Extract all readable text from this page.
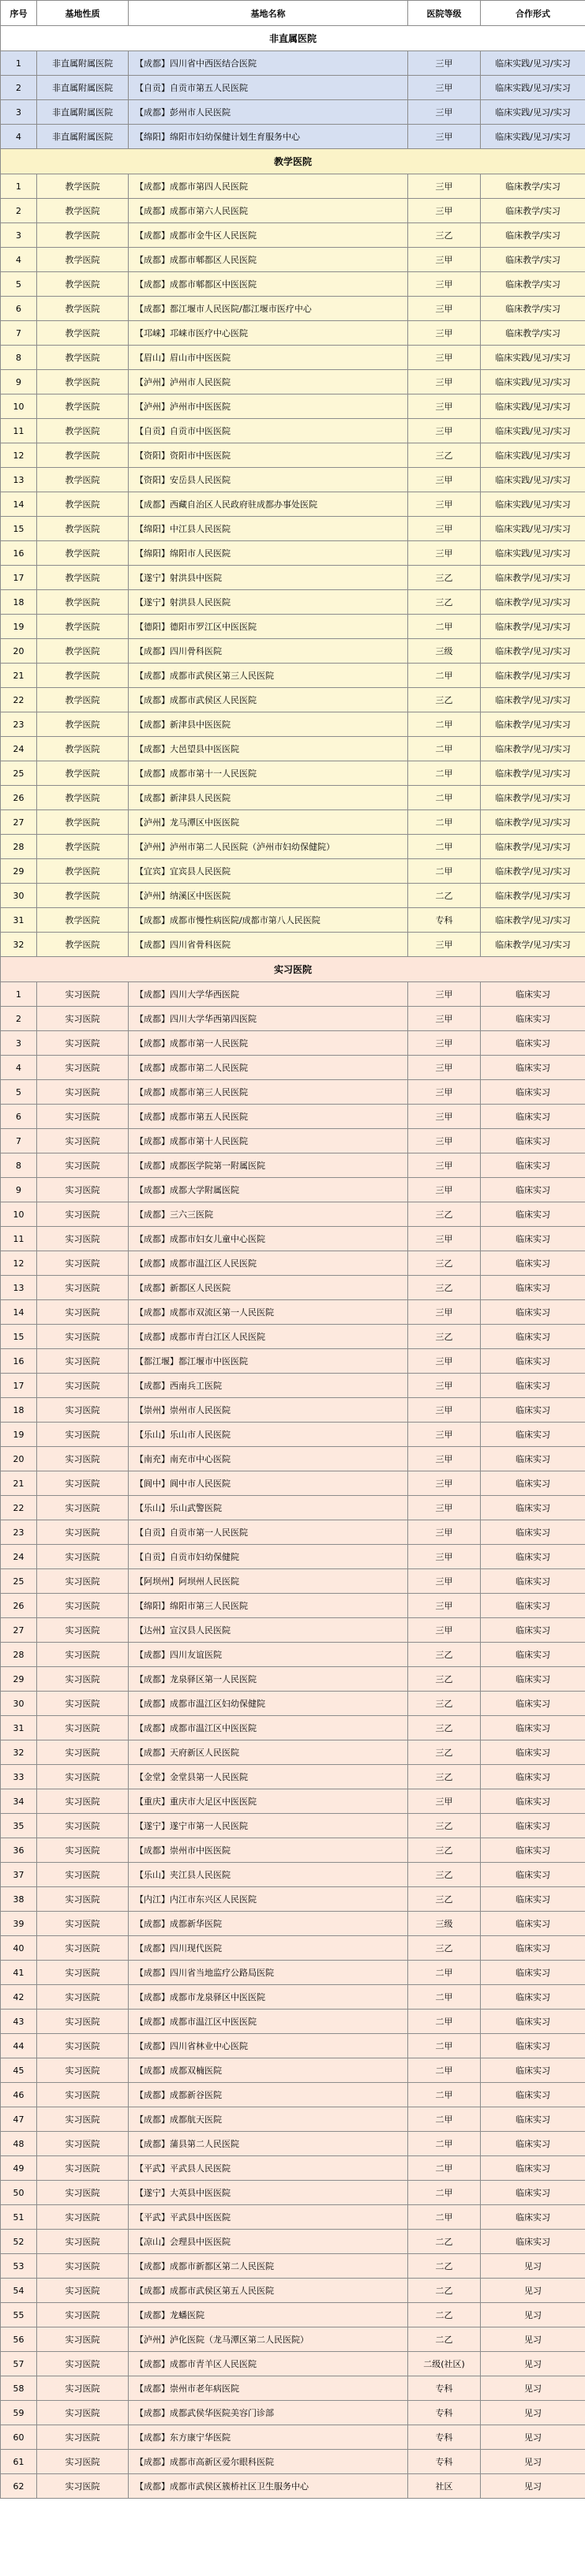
序号	基地性质	基地名称	医院等级	合作形式
非直属医院				
1	非直属附属医院	【成都】四川省中西医结合医院	三甲	临床实践/见习/实习
2	非直属附属医院	【自贡】自贡市第五人民医院	三甲	临床实践/见习/实习
3	非直属附属医院	【成都】彭州市人民医院	三甲	临床实践/见习/实习
4	非直属附属医院	【绵阳】绵阳市妇幼保健计划生育服务中心	三甲	临床实践/见习/实习
教学医院				
1	教学医院	【成都】成都市第四人民医院	三甲	临床教学/实习
2	教学医院	【成都】成都市第六人民医院	三甲	临床教学/实习
3	教学医院	【成都】成都市金牛区人民医院	三乙	临床教学/实习
4	教学医院	【成都】成都市郫都区人民医院	三甲	临床教学/实习
5	教学医院	【成都】成都市郫都区中医医院	三甲	临床教学/实习
6	教学医院	【成都】都江堰市人民医院/都江堰市医疗中心	三甲	临床教学/实习
7	教学医院	【邛崃】邛崃市医疗中心医院	三甲	临床教学/实习
8	教学医院	【眉山】眉山市中医医院	三甲	临床实践/见习/实习
9	教学医院	【泸州】泸州市人民医院	三甲	临床实践/见习/实习
10	教学医院	【泸州】泸州市中医医院	三甲	临床实践/见习/实习
11	教学医院	【自贡】自贡市中医医院	三甲	临床实践/见习/实习
12	教学医院	【资阳】资阳市中医医院	三乙	临床实践/见习/实习
13	教学医院	【资阳】安岳县人民医院	三甲	临床实践/见习/实习
14	教学医院	【成都】西藏自治区人民政府驻成都办事处医院	三甲	临床实践/见习/实习
15	教学医院	【绵阳】中江县人民医院	三甲	临床实践/见习/实习
16	教学医院	【绵阳】绵阳市人民医院	三甲	临床实践/见习/实习
17	教学医院	【遂宁】射洪县中医院	三乙	临床教学/见习/实习
18	教学医院	【遂宁】射洪县人民医院	三乙	临床教学/见习/实习
19	教学医院	【德阳】德阳市罗江区中医医院	二甲	临床教学/见习/实习
20	教学医院	【成都】四川骨科医院	三级	临床教学/见习/实习
21	教学医院	【成都】成都市武侯区第三人民医院	二甲	临床教学/见习/实习
22	教学医院	【成都】成都市武侯区人民医院	三乙	临床教学/见习/实习
23	教学医院	【成都】新津县中医医院	二甲	临床教学/见习/实习
24	教学医院	【成都】大邑望县中医医院	二甲	临床教学/见习/实习
25	教学医院	【成都】成都市第十一人民医院	二甲	临床教学/见习/实习
26	教学医院	【成都】新津县人民医院	二甲	临床教学/见习/实习
27	教学医院	【泸州】龙马潭区中医医院	二甲	临床教学/见习/实习
28	教学医院	【泸州】泸州市第二人民医院（泸州市妇幼保健院）	二甲	临床教学/见习/实习
29	教学医院	【宜宾】宜宾县人民医院	二甲	临床教学/见习/实习
30	教学医院	【泸州】纳溪区中医医院	二乙	临床教学/见习/实习
31	教学医院	【成都】成都市慢性病医院/成都市第八人民医院	专科	临床教学/见习/实习
32	教学医院	【成都】四川省骨科医院	三甲	临床教学/见习/实习
实习医院				
1	实习医院	【成都】四川大学华西医院	三甲	临床实习
2	实习医院	【成都】四川大学华西第四医院	三甲	临床实习
3	实习医院	【成都】成都市第一人民医院	三甲	临床实习
4	实习医院	【成都】成都市第二人民医院	三甲	临床实习
5	实习医院	【成都】成都市第三人民医院	三甲	临床实习
6	实习医院	【成都】成都市第五人民医院	三甲	临床实习
7	实习医院	【成都】成都市第十人民医院	三甲	临床实习
8	实习医院	【成都】成都医学院第一附属医院	三甲	临床实习
9	实习医院	【成都】成都大学附属医院	三甲	临床实习
10	实习医院	【成都】三六三医院	三乙	临床实习
11	实习医院	【成都】成都市妇女儿童中心医院	三甲	临床实习
12	实习医院	【成都】成都市温江区人民医院	三乙	临床实习
13	实习医院	【成都】新都区人民医院	三乙	临床实习
14	实习医院	【成都】成都市双流区第一人民医院	三甲	临床实习
15	实习医院	【成都】成都市青白江区人民医院	三乙	临床实习
16	实习医院	【都江堰】都江堰市中医医院	三甲	临床实习
17	实习医院	【成都】西南兵工医院	三甲	临床实习
18	实习医院	【崇州】崇州市人民医院	三甲	临床实习
19	实习医院	【乐山】乐山市人民医院	三甲	临床实习
20	实习医院	【南充】南充市中心医院	三甲	临床实习
21	实习医院	【阆中】阆中市人民医院	三甲	临床实习
22	实习医院	【乐山】乐山武警医院	三甲	临床实习
23	实习医院	【自贡】自贡市第一人民医院	三甲	临床实习
24	实习医院	【自贡】自贡市妇幼保健院	三甲	临床实习
25	实习医院	【阿坝州】阿坝州人民医院	三甲	临床实习
26	实习医院	【绵阳】绵阳市第三人民医院	三甲	临床实习
27	实习医院	【达州】宣汉县人民医院	三甲	临床实习
28	实习医院	【成都】四川友谊医院	三乙	临床实习
29	实习医院	【成都】龙泉驿区第一人民医院	三乙	临床实习
30	实习医院	【成都】成都市温江区妇幼保健院	三乙	临床实习
31	实习医院	【成都】成都市温江区中医医院	三乙	临床实习
32	实习医院	【成都】天府新区人民医院	三乙	临床实习
33	实习医院	【金堂】金堂县第一人民医院	三乙	临床实习
34	实习医院	【重庆】重庆市大足区中医医院	三甲	临床实习
35	实习医院	【遂宁】遂宁市第一人民医院	三乙	临床实习
36	实习医院	【成都】崇州市中医医院	三乙	临床实习
37	实习医院	【乐山】夹江县人民医院	三乙	临床实习
38	实习医院	【内江】内江市东兴区人民医院	三乙	临床实习
39	实习医院	【成都】成都新华医院	三级	临床实习
40	实习医院	【成都】四川现代医院	三乙	临床实习
41	实习医院	【成都】四川省当地监疗公路局医院	二甲	临床实习
42	实习医院	【成都】成都市龙泉驿区中医医院	二甲	临床实习
43	实习医院	【成都】成都市温江区中医医院	二甲	临床实习
44	实习医院	【成都】四川省林业中心医院	二甲	临床实习
45	实习医院	【成都】成都双楠医院	二甲	临床实习
46	实习医院	【成都】成都新谷医院	二甲	临床实习
47	实习医院	【成都】成都航天医院	二甲	临床实习
48	实习医院	【成都】蒲县第二人民医院	二甲	临床实习
49	实习医院	【平武】平武县人民医院	二甲	临床实习
50	实习医院	【遂宁】大英县中医医院	二甲	临床实习
51	实习医院	【平武】平武县中医医院	二甲	临床实习
52	实习医院	【凉山】会理县中医医院	二乙	临床实习
53	实习医院	【成都】成都市新都区第二人民医院	二乙	见习
54	实习医院	【成都】成都市武侯区第五人民医院	二乙	见习
55	实习医院	【成都】龙蟠医院	二乙	见习
56	实习医院	【泸州】泸化医院（龙马潭区第二人民医院）	二乙	见习
57	实习医院	【成都】成都市青羊区人民医院	二级(社区)	见习
58	实习医院	【成都】崇州市老年病医院	专科	见习
59	实习医院	【成都】成都武侯华医院美容门诊部	专科	见习
60	实习医院	【成都】东方康宁华医院	专科	见习
61	实习医院	【成都】成都市高新区爱尔眼科医院	专科	见习
62	实习医院	【成都】成都市武侯区簇桥社区卫生服务中心	社区	见习
